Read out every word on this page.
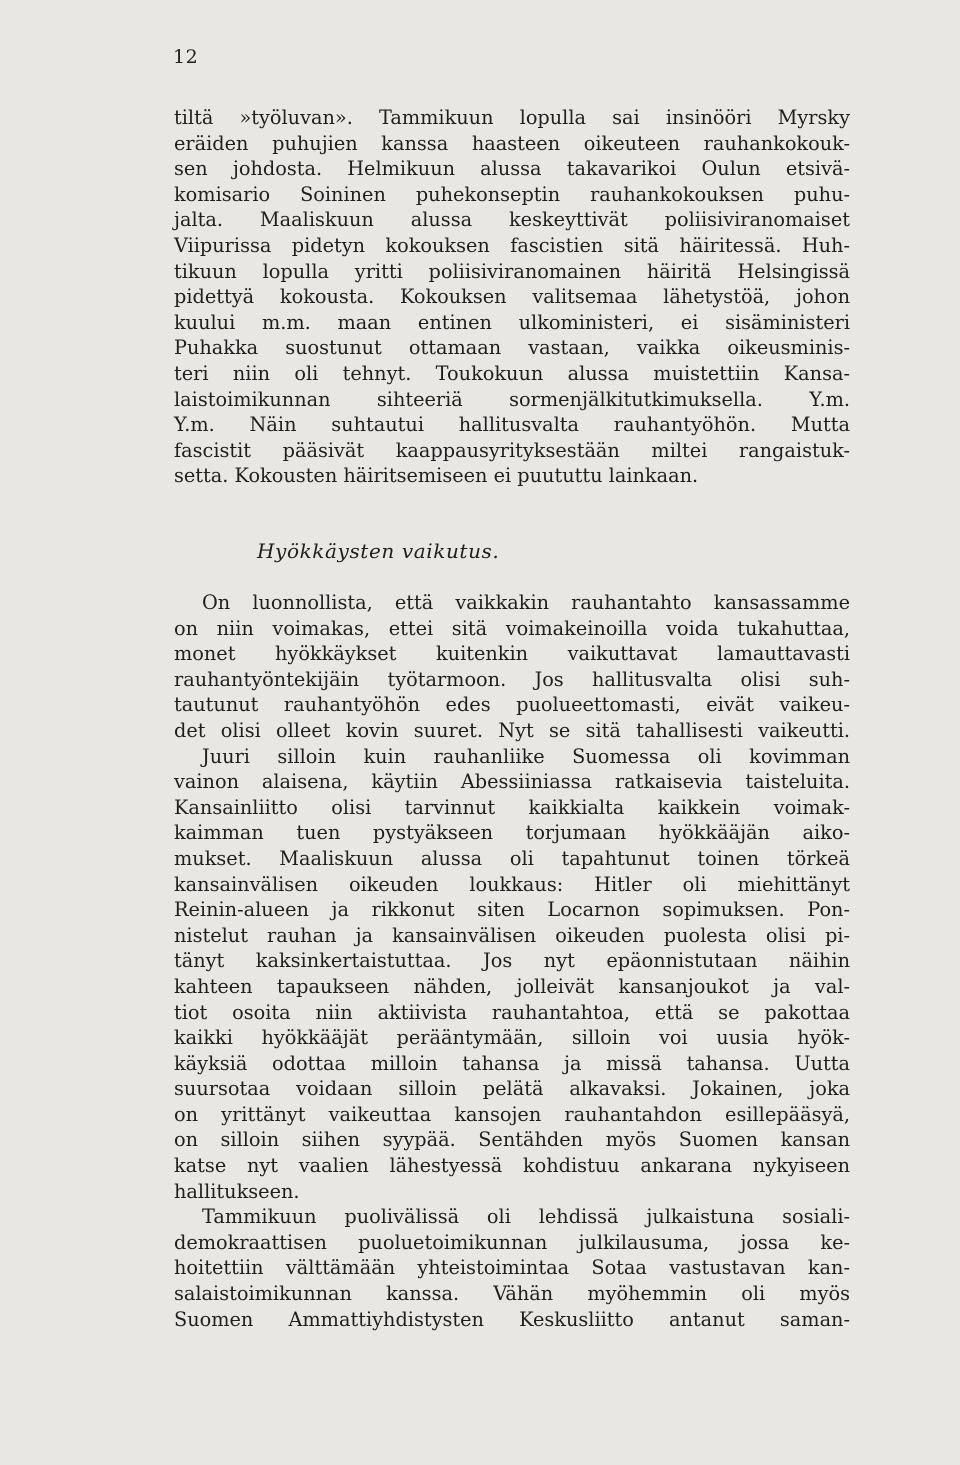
12
tiltä »työluvan». Tammikuun lopulla sai insinööri Myrsky
eräiden puhujien kanssa haasteen oikeuteen rauhankokouk-
sen johdosta. Helmikuun alussa takavarikoi Oulun etsivä-
komisario Soininen puhekonseptin rauhankokouksen puhu-
jalta. Maaliskuun alussa keskeyttivät poliisiviranomaiset
Viipurissa pidetyn kokouksen fascistien sitä häiritessä. Huh-
tikuun lopulla yritti poliisiviranomainen häiritä Helsingissä
pidettyä kokousta. Kokouksen valitsemaa lähetystöä, johon
kuului m.m. maan entinen ulkoministeri, ei sisäministeri
Puhakka suostunut ottamaan vastaan, vaikka oikeusminis-
teri niin oli tehnyt. Toukokuun alussa muistettiin Kansa-
laistoimikunnan sihteeriä sormenjälkitutkimuksella. Y.m.
Y.m. Näin suhtautui hallitusvalta rauhantyöhön. Mutta
fascistit pääsivät kaappausyrityksestään miltei rangaistuk-
setta. Kokousten häiritsemiseen ei puututtu lainkaan.
Hyökkäysten vaikutus.
On luonnollista, että vaikkakin rauhantahto kansassamme
on niin voimakas, ettei sitä voimakeinoilla voida tukahuttaa,
monet hyökkäykset kuitenkin vaikuttavat lamauttavasti
rauhantyöntekijäin työtarmoon. Jos hallitusvalta olisi suh-
tautunut rauhantyöhön edes puolueettomasti, eivät vaikeu-
det olisi olleet kovin suuret. Nyt se sitä tahallisesti vaikeutti.
Juuri silloin kuin rauhanliike Suomessa oli kovimman
vainon alaisena, käytiin Abessiiniassa ratkaisevia taisteluita.
Kansainliitto olisi tarvinnut kaikkialta kaikkein voimak-
kaimman tuen pystyäkseen torjumaan hyökkääjän aiko-
mukset. Maaliskuun alussa oli tapahtunut toinen törkeä
kansainvälisen oikeuden loukkaus: Hitler oli miehittänyt
Reinin-alueen ja rikkonut siten Locarnon sopimuksen. Pon-
nistelut rauhan ja kansainvälisen oikeuden puolesta olisi pi-
tänyt kaksinkertaistuttaa. Jos nyt epäonnistutaan näihin
kahteen tapaukseen nähden, jolleivät kansanjoukot ja val-
tiot osoita niin aktiivista rauhantahtoa, että se pakottaa
kaikki hyökkääjät perääntymään, silloin voi uusia hyök-
käyksiä odottaa milloin tahansa ja missä tahansa. Uutta
suursotaa voidaan silloin pelätä alkavaksi. Jokainen, joka
on yrittänyt vaikeuttaa kansojen rauhantahdon esillepääsyä,
on silloin siihen syypää. Sentähden myös Suomen kansan
katse nyt vaalien lähestyessä kohdistuu ankarana nykyiseen
hallitukseen.
Tammikuun puolivälissä oli lehdissä julkaistuna sosiali-
demokraattisen puoluetoimikunnan julkilausuma, jossa ke-
hoitettiin välttämään yhteistoimintaa Sotaa vastustavan kan-
salaistoimikunnan kanssa. Vähän myöhemmin oli myös
Suomen Ammattiyhdistysten Keskusliitto antanut saman-
